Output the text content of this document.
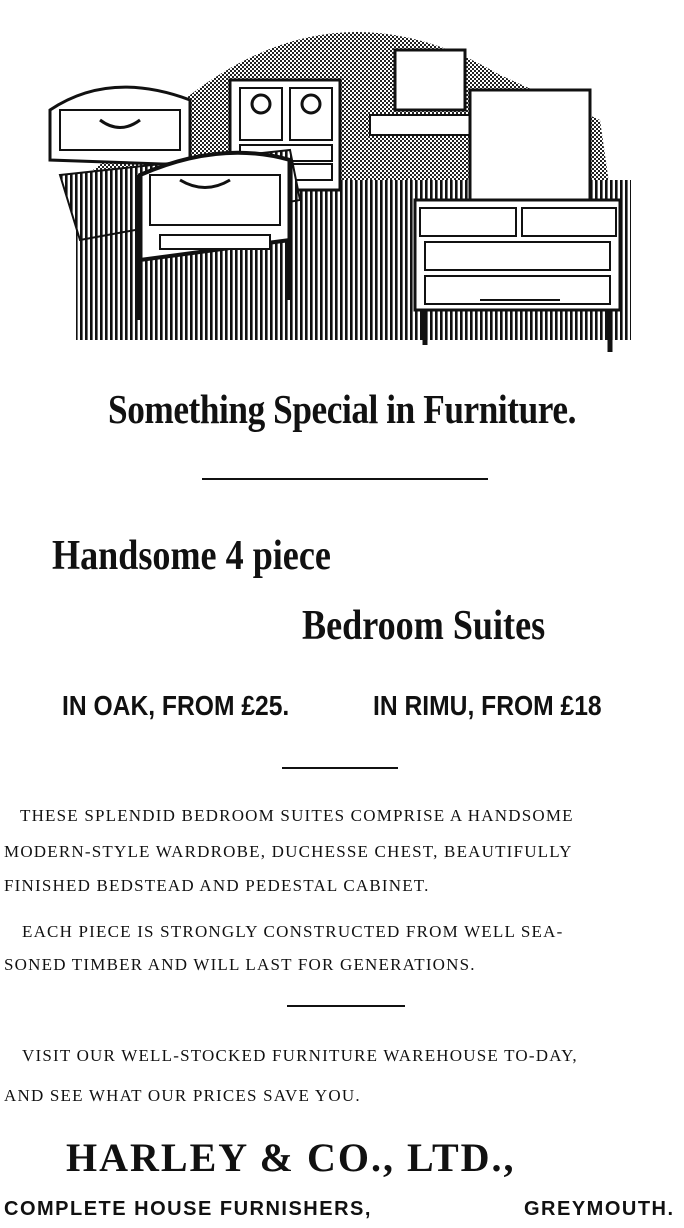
Something Special in Furniture.
Handsome 4 piece
Bedroom Suites
IN OAK, FROM £25.	IN RIMU, FROM £18
THESE SPLENDID BEDROOM SUITES COMPRISE A HANDSOME
MODERN-STYLE WARDROBE, DUCHESSE CHEST, BEAUTIFULLY
FINISHED BEDSTEAD AND PEDESTAL CABINET.
EACH PIECE IS STRONGLY CONSTRUCTED FROM WELL SEA-
SONED TIMBER AND WILL LAST FOR GENERATIONS.
VISIT OUR WELL-STOCKED FURNITURE WAREHOUSE TO-DAY,
AND SEE WHAT OUR PRICES SAVE YOU.
HARLEY & CO., LTD.,
COMPLETE HOUSE FURNISHERS,	GREYMOUTH.
